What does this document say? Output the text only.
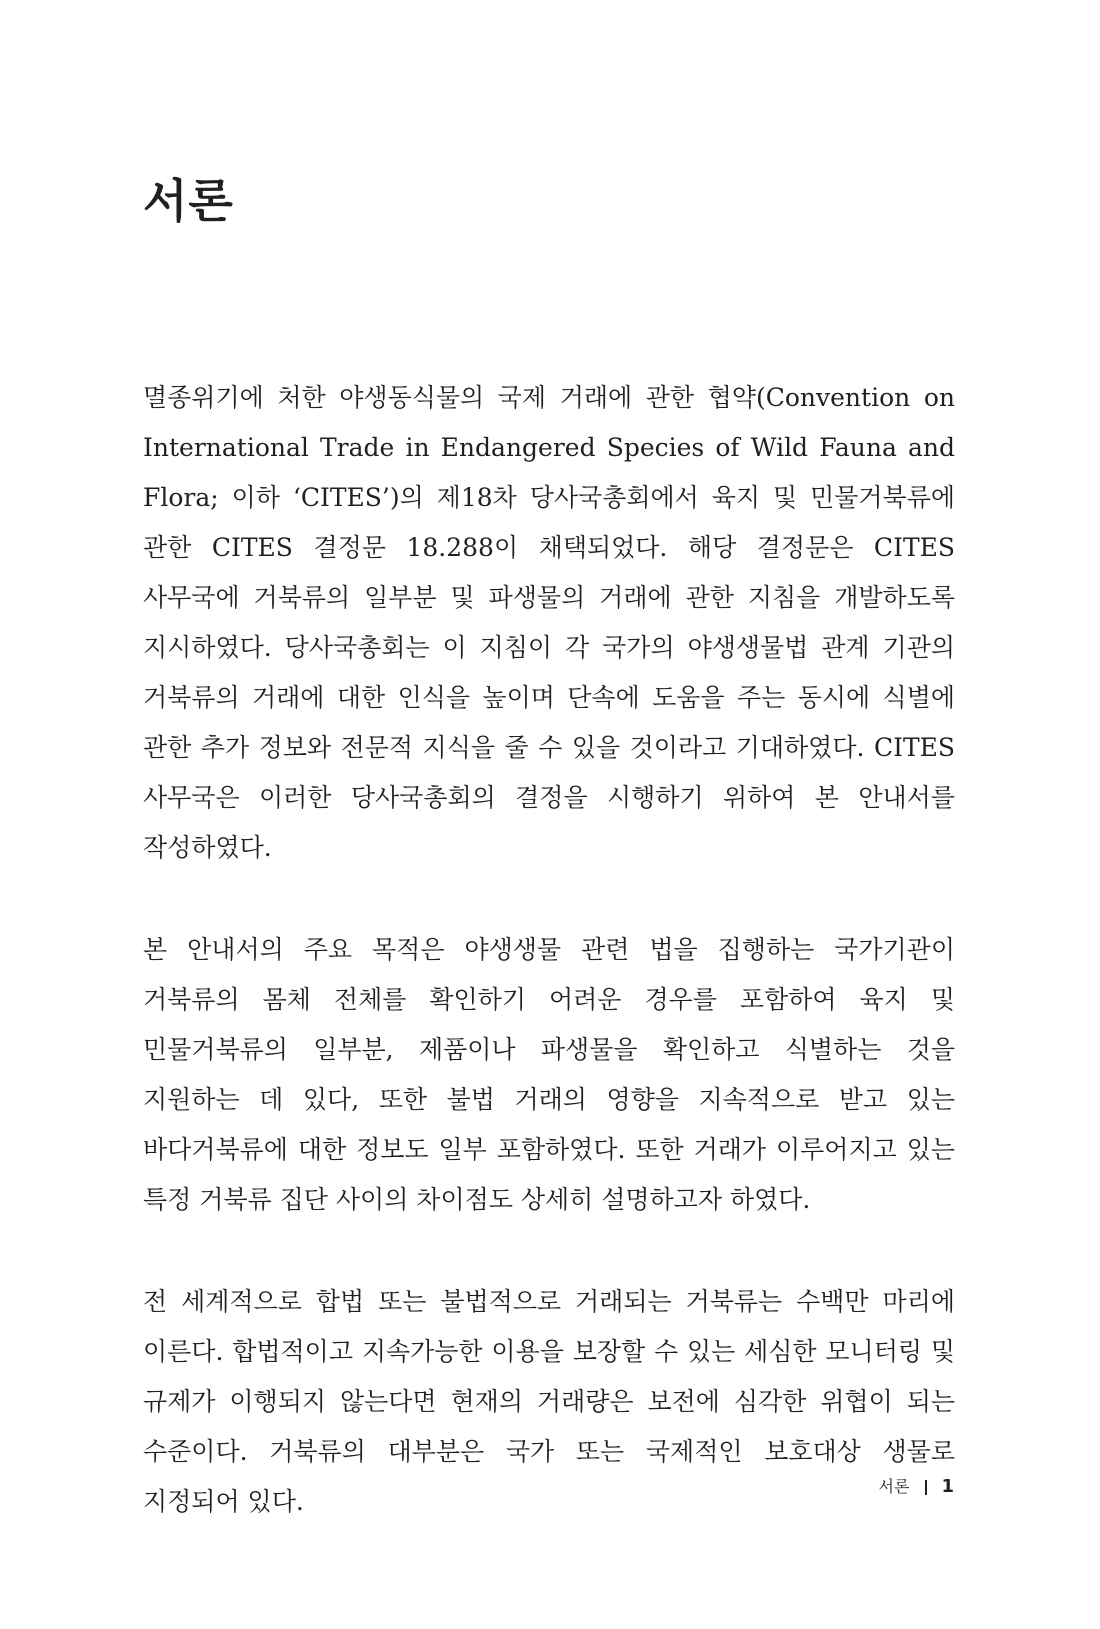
서론

멸종위기에 처한 야생동식물의 국제 거래에 관한 협약(Convention on International Trade in Endangered Species of Wild Fauna and Flora; 이하 ‘CITES’)의 제18차 당사국총회에서 육지 및 민물거북류에 관한 CITES 결정문 18.288이 채택되었다. 해당 결정문은 CITES 사무국에 거북류의 일부분 및 파생물의 거래에 관한 지침을 개발하도록 지시하였다. 당사국총회는 이 지침이 각 국가의 야생생물법 관계 기관의 거북류의 거래에 대한 인식을 높이며 단속에 도움을 주는 동시에 식별에 관한 추가 정보와 전문적 지식을 줄 수 있을 것이라고 기대하였다. CITES 사무국은 이러한 당사국총회의 결정을 시행하기 위하여 본 안내서를 작성하였다.

본 안내서의 주요 목적은 야생생물 관련 법을 집행하는 국가기관이 거북류의 몸체 전체를 확인하기 어려운 경우를 포함하여 육지 및 민물거북류의 일부분, 제품이나 파생물을 확인하고 식별하는 것을 지원하는 데 있다, 또한 불법 거래의 영향을 지속적으로 받고 있는 바다거북류에 대한 정보도 일부 포함하였다. 또한 거래가 이루어지고 있는 특정 거북류 집단 사이의 차이점도 상세히 설명하고자 하였다.

전 세계적으로 합법 또는 불법적으로 거래되는 거북류는 수백만 마리에 이른다. 합법적이고 지속가능한 이용을 보장할 수 있는 세심한 모니터링 및 규제가 이행되지 않는다면 현재의 거래량은 보전에 심각한 위협이 되는 수준이다. 거북류의 대부분은 국가 또는 국제적인 보호대상 생물로 지정되어 있다.

서론 1
